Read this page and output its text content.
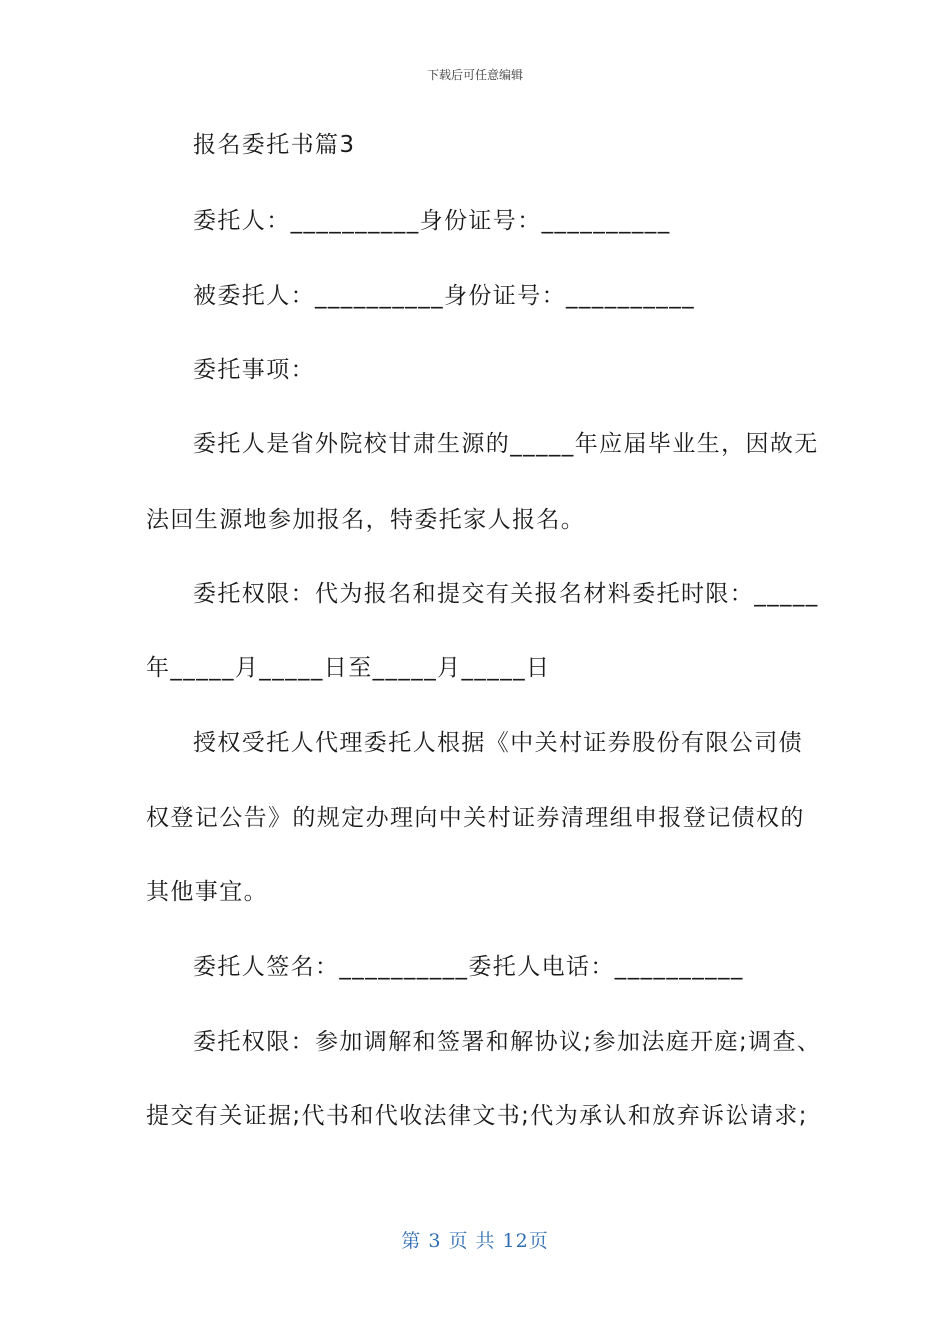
下载后可任意编辑
报名委托书篇3
委托人：__________身份证号：__________
被委托人：__________身份证号：__________
委托事项：
委托人是省外院校甘肃生源的_____年应届毕业生，因故无
法回生源地参加报名，特委托家人报名。
委托权限：代为报名和提交有关报名材料委托时限：_____
年_____月_____日至_____月_____日
授权受托人代理委托人根据《中关村证券股份有限公司债
权登记公告》的规定办理向中关村证券清理组申报登记债权的
其他事宜。
委托人签名：__________委托人电话：__________
委托权限：参加调解和签署和解协议;参加法庭开庭;调查、
提交有关证据;代书和代收法律文书;代为承认和放弃诉讼请求;
第 3 页 共 12页
